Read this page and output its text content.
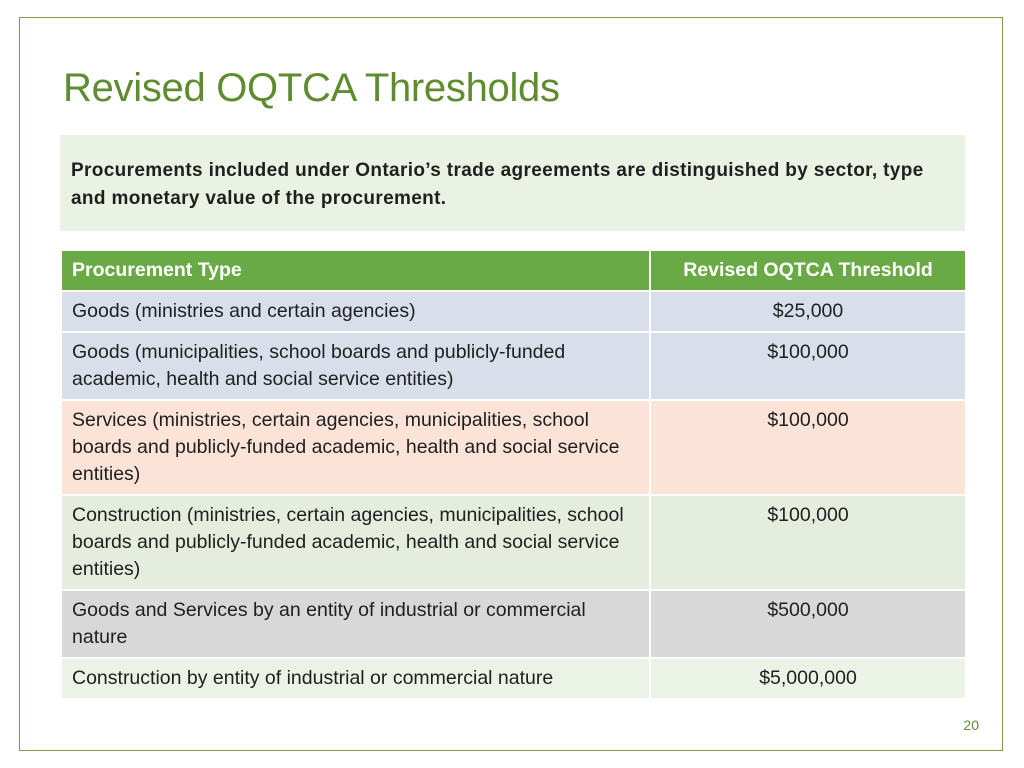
Revised OQTCA Thresholds
Procurements included under Ontario’s trade agreements are distinguished by sector, type and monetary value of the procurement.
Procurement Type	Revised OQTCA Threshold
Goods (ministries and certain agencies)	$25,000
Goods (municipalities, school boards and publicly-funded academic, health and social service entities)	$100,000
Services (ministries, certain agencies, municipalities, school boards and publicly-funded academic, health and social service entities)	$100,000
Construction (ministries, certain agencies, municipalities, school boards and publicly-funded academic, health and social service entities)	$100,000
Goods and Services by an entity of industrial or commercial nature	$500,000
Construction by entity of industrial or commercial nature	$5,000,000
20
